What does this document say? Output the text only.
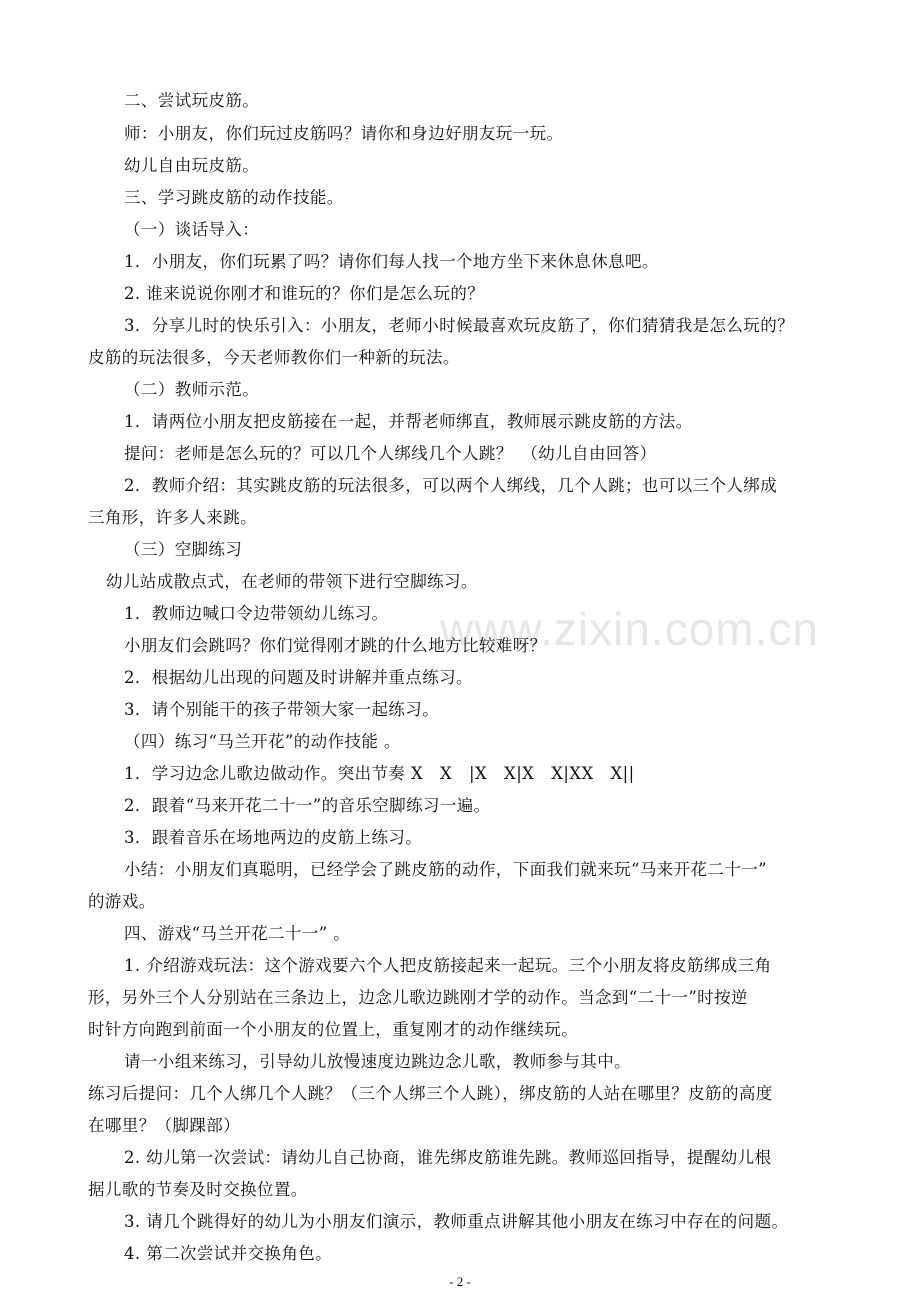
www.zixin.com.cn
二、尝试玩皮筋。
师：小朋友，你们玩过皮筋吗？请你和身边好朋友玩一玩。
幼儿自由玩皮筋。
三、学习跳皮筋的动作技能。
（一）谈话导入：
1．小朋友，你们玩累了吗？请你们每人找一个地方坐下来休息休息吧。
2. 谁来说说你刚才和谁玩的？你们是怎么玩的？
3．分享儿时的快乐引入：小朋友，老师小时候最喜欢玩皮筋了，你们猜猜我是怎么玩的？
皮筋的玩法很多，今天老师教你们一种新的玩法。
（二）教师示范。
1．请两位小朋友把皮筋接在一起，并帮老师绑直，教师展示跳皮筋的方法。
提问：老师是怎么玩的？可以几个人绑线几个人跳？　（幼儿自由回答）
2．教师介绍：其实跳皮筋的玩法很多，可以两个人绑线，几个人跳；也可以三个人绑成
三角形，许多人来跳。
（三）空脚练习
幼儿站成散点式，在老师的带领下进行空脚练习。
1．教师边喊口令边带领幼儿练习。
小朋友们会跳吗？你们觉得刚才跳的什么地方比较难呀？
2．根据幼儿出现的问题及时讲解并重点练习。
3．请个别能干的孩子带领大家一起练习。
（四）练习“马兰开花”的动作技能 。
1．学习边念儿歌边做动作。突出节奏 X　X　|X　X|X　X|XX　X||
2．跟着“马来开花二十一”的音乐空脚练习一遍。
3．跟着音乐在场地两边的皮筋上练习。
小结：小朋友们真聪明，已经学会了跳皮筋的动作，下面我们就来玩“马来开花二十一”
的游戏。
四、游戏“马兰开花二十一” 。
1. 介绍游戏玩法：这个游戏要六个人把皮筋接起来一起玩。三个小朋友将皮筋绑成三角
形，另外三个人分别站在三条边上，边念儿歌边跳刚才学的动作。当念到“二十一”时按逆
时针方向跑到前面一个小朋友的位置上，重复刚才的动作继续玩。
请一小组来练习，引导幼儿放慢速度边跳边念儿歌，教师参与其中。
练习后提问：几个人绑几个人跳？（三个人绑三个人跳），绑皮筋的人站在哪里？皮筋的高度
在哪里？（脚踝部）
2. 幼儿第一次尝试：请幼儿自己协商，谁先绑皮筋谁先跳。教师巡回指导，提醒幼儿根
据儿歌的节奏及时交换位置。
3. 请几个跳得好的幼儿为小朋友们演示，教师重点讲解其他小朋友在练习中存在的问题。
4. 第二次尝试并交换角色。
- 2 -
